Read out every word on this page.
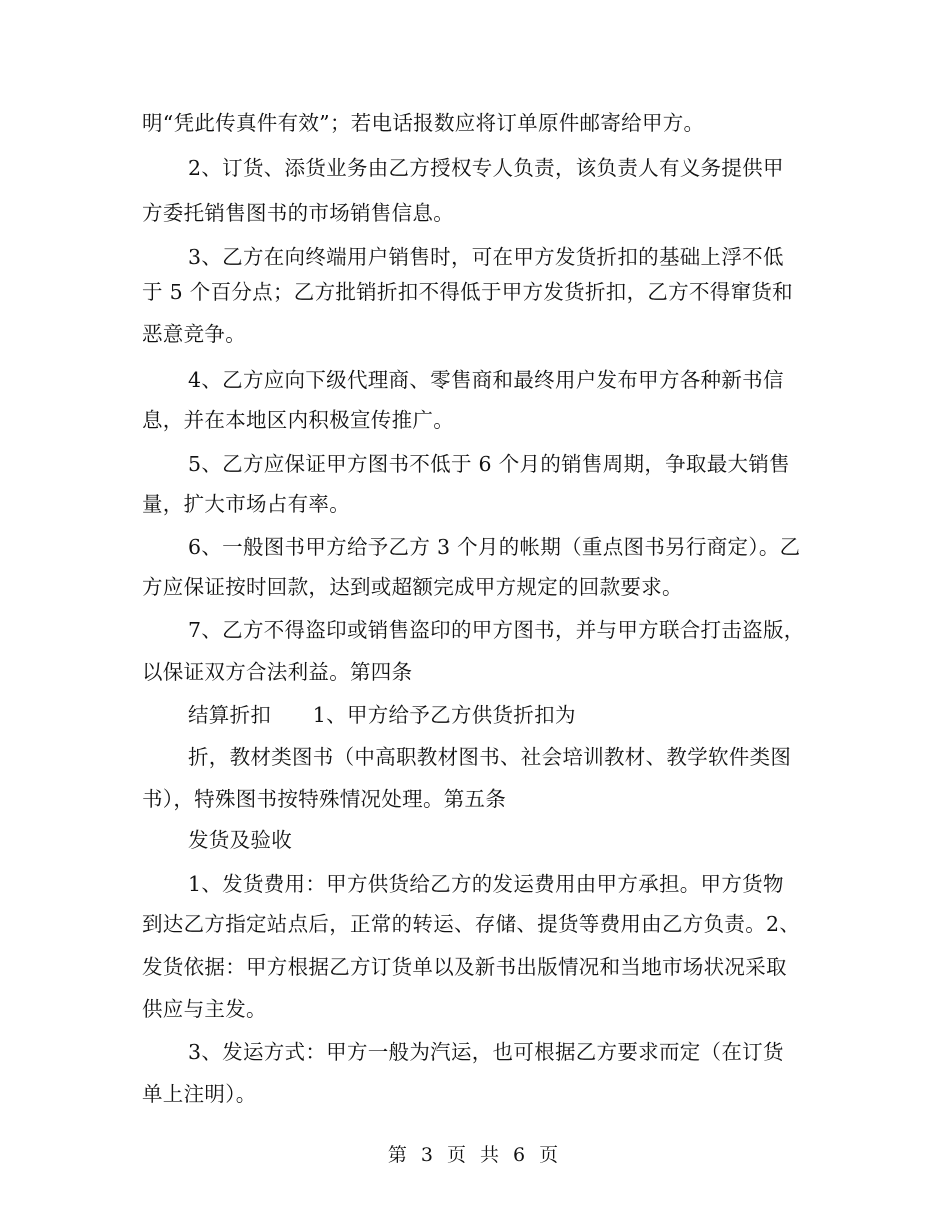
明“凭此传真件有效”；若电话报数应将订单原件邮寄给甲方。
2、订货、添货业务由乙方授权专人负责，该负责人有义务提供甲
方委托销售图书的市场销售信息。
3、乙方在向终端用户销售时，可在甲方发货折扣的基础上浮不低
于 5 个百分点；乙方批销折扣不得低于甲方发货折扣，乙方不得窜货和
恶意竞争。
4、乙方应向下级代理商、零售商和最终用户发布甲方各种新书信
息，并在本地区内积极宣传推广。
5、乙方应保证甲方图书不低于 6 个月的销售周期，争取最大销售
量，扩大市场占有率。
6、一般图书甲方给予乙方 3 个月的帐期（重点图书另行商定）。乙
方应保证按时回款，达到或超额完成甲方规定的回款要求。
7、乙方不得盗印或销售盗印的甲方图书，并与甲方联合打击盗版，
以保证双方合法利益。第四条
结算折扣　　1、甲方给予乙方供货折扣为
折，教材类图书（中高职教材图书、社会培训教材、教学软件类图
书），特殊图书按特殊情况处理。第五条
发货及验收
1、发货费用：甲方供货给乙方的发运费用由甲方承担。甲方货物
到达乙方指定站点后，正常的转运、存储、提货等费用由乙方负责。2、
发货依据：甲方根据乙方订货单以及新书出版情况和当地市场状况采取
供应与主发。
3、发运方式：甲方一般为汽运，也可根据乙方要求而定（在订货
单上注明）。
第 3 页 共 6 页
